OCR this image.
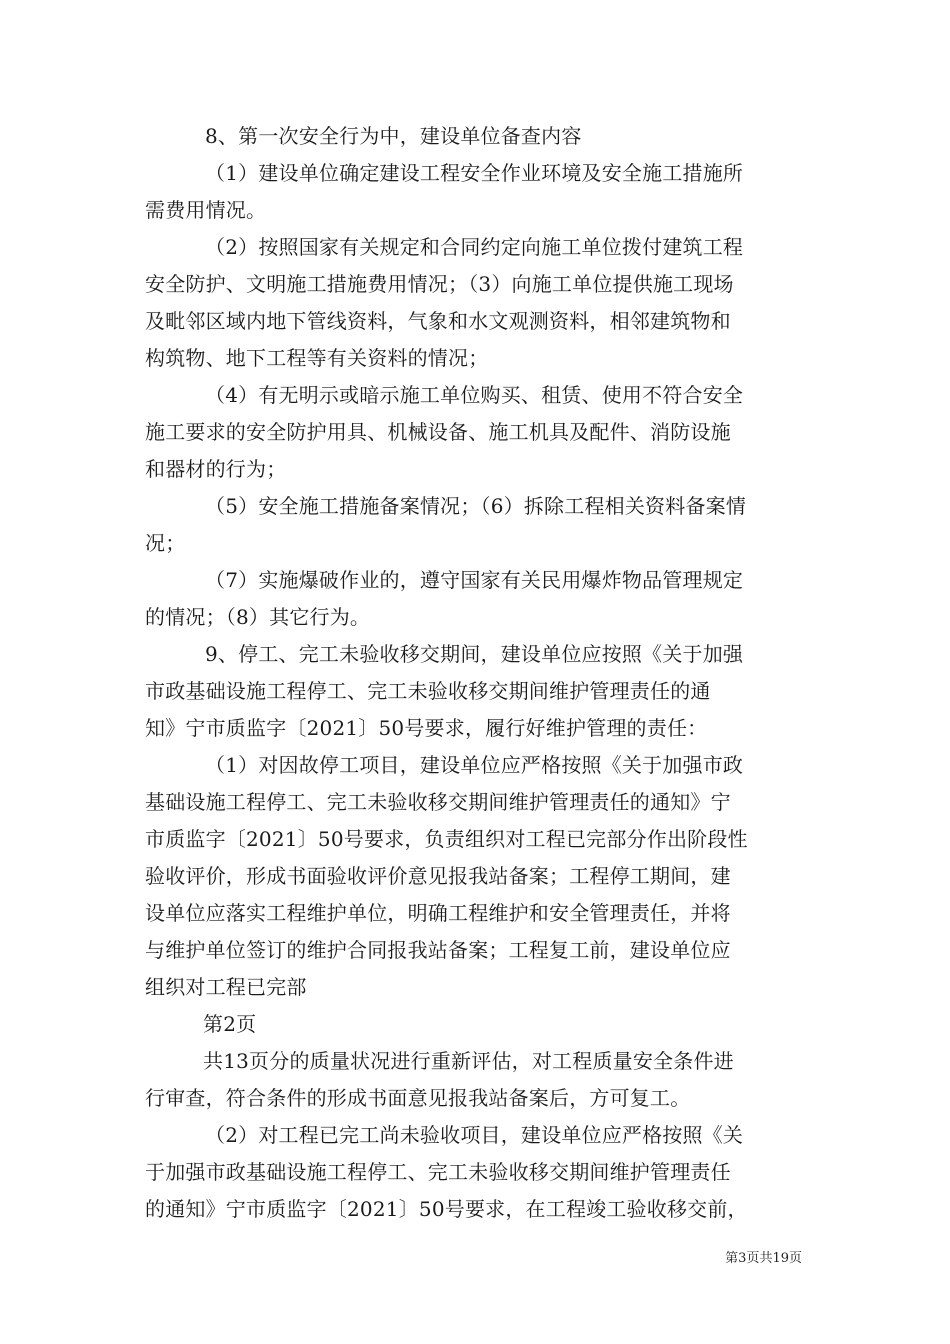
8、第一次安全行为中，建设单位备查内容
（1）建设单位确定建设工程安全作业环境及安全施工措施所
需费用情况。
（2）按照国家有关规定和合同约定向施工单位拨付建筑工程
安全防护、文明施工措施费用情况；（3）向施工单位提供施工现场
及毗邻区域内地下管线资料，气象和水文观测资料，相邻建筑物和
构筑物、地下工程等有关资料的情况；
（4）有无明示或暗示施工单位购买、租赁、使用不符合安全
施工要求的安全防护用具、机械设备、施工机具及配件、消防设施
和器材的行为；
（5）安全施工措施备案情况；（6）拆除工程相关资料备案情
况；
（7）实施爆破作业的，遵守国家有关民用爆炸物品管理规定
的情况；（8）其它行为。
9、停工、完工未验收移交期间，建设单位应按照《关于加强
市政基础设施工程停工、完工未验收移交期间维护管理责任的通
知》宁市质监字〔2021〕50号要求，履行好维护管理的责任：
（1）对因故停工项目，建设单位应严格按照《关于加强市政
基础设施工程停工、完工未验收移交期间维护管理责任的通知》宁
市质监字〔2021〕50号要求，负责组织对工程已完部分作出阶段性
验收评价，形成书面验收评价意见报我站备案；工程停工期间，建
设单位应落实工程维护单位，明确工程维护和安全管理责任，并将
与维护单位签订的维护合同报我站备案；工程复工前，建设单位应
组织对工程已完部
第2页
共13页分的质量状况进行重新评估，对工程质量安全条件进
行审查，符合条件的形成书面意见报我站备案后，方可复工。
（2）对工程已完工尚未验收项目，建设单位应严格按照《关
于加强市政基础设施工程停工、完工未验收移交期间维护管理责任
的通知》宁市质监字〔2021〕50号要求，在工程竣工验收移交前，
第3页共19页
